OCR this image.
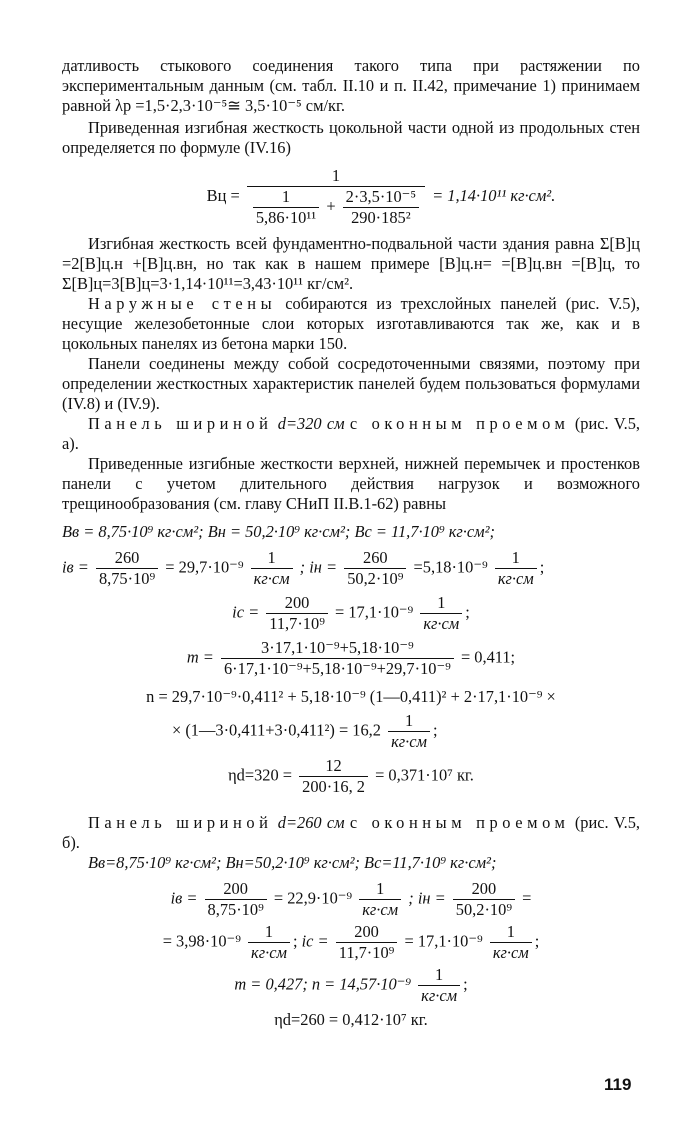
датливость стыкового соединения такого типа при растяжении по экспериментальным данным (см. табл. II.10 и п. II.42, примечание 1) принимаем равной λр =1,5·2,3·10⁻⁵≅ 3,5·10⁻⁵ см/кг.

Приведенная изгибная жесткость цокольной части одной из продольных стен определяется по формуле (IV.16)

Bц =
1
$\frac{1}{\text{5,86·10¹¹}} + \frac{\text{2·3,5·10⁻⁵}}{\text{290·185²}} = 1,14\cdot 10^{11}$ кг·см².

Изгибная жесткость всей фундаментно-подвальной части здания равна Σ[B]ц =2[B]ц.н +[B]ц.вн, но так как в нашем примере [B]ц.н= =[B]ц.вн =[B]ц, то Σ[B]ц=3[B]ц=3·1,14·10¹¹=3,43·10¹¹ кг/см².

Наружные стены собираются из трехслойных панелей (рис. V.5), несущие железобетонные слои которых изготавливаются так же, как и в цокольных панелях из бетона марки 150.

Панели соединены между собой сосредоточенными связями, поэтому при определении жесткостных характеристик панелей будем пользоваться формулами (IV.8) и (IV.9).

Панель шириной d=320 см с оконным проемом (рис. V.5, а).

Приведенные изгибные жесткости верхней, нижней перемычек и простенков панели с учетом длительного действия нагрузок и возможного трещинообразования (см. главу СНиП II.В.1-62) равны

Bв = 8,75·10⁹ кг·см²; Bн = 50,2·10⁹ кг·см²; Bс = 11,7·10⁹ кг·см²;
iв = $\frac{260}{\text{8,75·10⁹}} = 29,7\cdot 10^{-9}$	1
кг·см
; iн = $\frac{260}{\text{50,2·10⁹}} =5,18\cdot 10^{-9}$	1
кг·см
;
iс = $\frac{200}{\text{11,7·10⁹}} = 17,1\cdot 10^{-9}$	1
кг·см
;
$m = \frac{\text{3·17,1·10⁻⁹+5,18·10⁻⁹}}{\text{6·17,1·10⁻⁹+5,18·10⁻⁹+29,7·10⁻⁹}} = 0,411$;
n = 29,7·10⁻⁹·0,411² + 5,18·10⁻⁹ (1—0,411)² + 2·17,1·10⁻⁹ ×
× (1—3·0,411+3·0,411²) = 16,2	1
кг·см
;
$\eta d=320 = \frac{12}{200\cdot 16, 2} = 0,371\cdot 10^7$ кг.

Панель шириной d=260 см с оконным проемом (рис. V.5, б).

Bв=8,75·10⁹ кг·см²; Bн=50,2·10⁹ кг·см²; Bс=11,7·10⁹ кг·см²;
iв = $\frac{200}{\text{8,75·10⁹}} = 22,9\cdot 10^{-9}$	1
кг·см
; iн = $\frac{200}{\text{50,2·10⁹}}$ =
= 3,98·10⁻⁹	1
кг·см
; iс = $\frac{200}{\text{11,7·10⁹}} = 17,1\cdot 10^{-9}$	1
кг·см
;
m = 0,427; n = 14,57·10⁻⁹	1
кг·см
;
ηd=260 = 0,412·10⁷ кг.
119
